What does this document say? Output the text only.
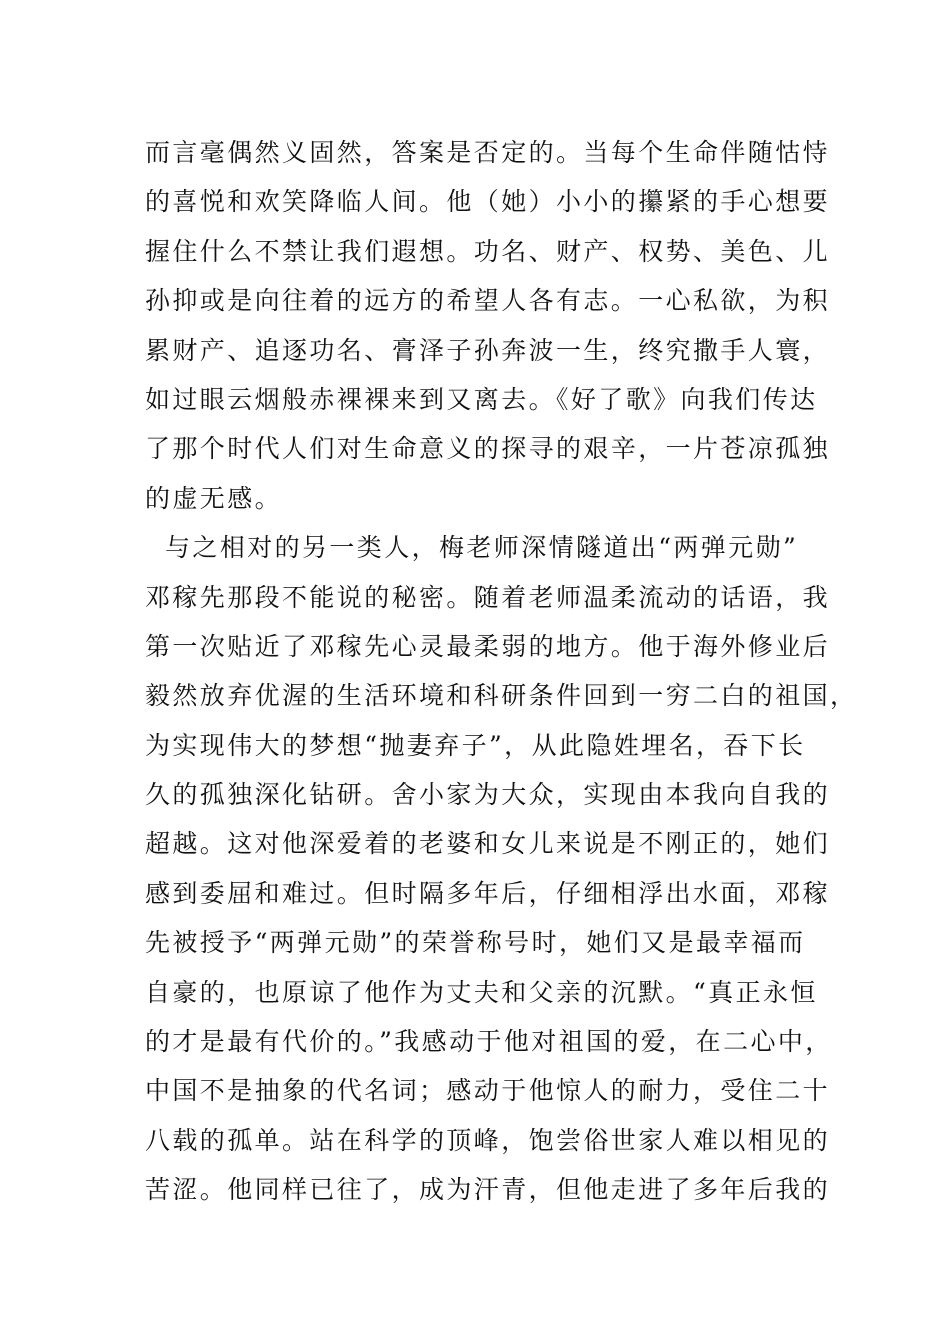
而言毫偶然义固然，答案是否定的。当每个生命伴随怙恃
的喜悦和欢笑降临人间。他（她）小小的攥紧的手心想要
握住什么不禁让我们遐想。功名、财产、权势、美色、儿
孙抑或是向往着的远方的希望人各有志。一心私欲，为积
累财产、追逐功名、膏泽子孙奔波一生，终究撒手人寰，
如过眼云烟般赤裸裸来到又离去。《好了歌》向我们传达
了那个时代人们对生命意义的探寻的艰辛，一片苍凉孤独
的虚无感。
与之相对的另一类人，梅老师深情隧道出“两弹元勋”
邓稼先那段不能说的秘密。随着老师温柔流动的话语，我
第一次贴近了邓稼先心灵最柔弱的地方。他于海外修业后
毅然放弃优渥的生活环境和科研条件回到一穷二白的祖国，
为实现伟大的梦想“抛妻弃子”，从此隐姓埋名，吞下长
久的孤独深化钻研。舍小家为大众，实现由本我向自我的
超越。这对他深爱着的老婆和女儿来说是不刚正的，她们
感到委屈和难过。但时隔多年后，仔细相浮出水面，邓稼
先被授予“两弹元勋”的荣誉称号时，她们又是最幸福而
自豪的，也原谅了他作为丈夫和父亲的沉默。“真正永恒
的才是最有代价的。”我感动于他对祖国的爱，在二心中，
中国不是抽象的代名词；感动于他惊人的耐力，受住二十
八载的孤单。站在科学的顶峰，饱尝俗世家人难以相见的
苦涩。他同样已往了，成为汗青，但他走进了多年后我的
